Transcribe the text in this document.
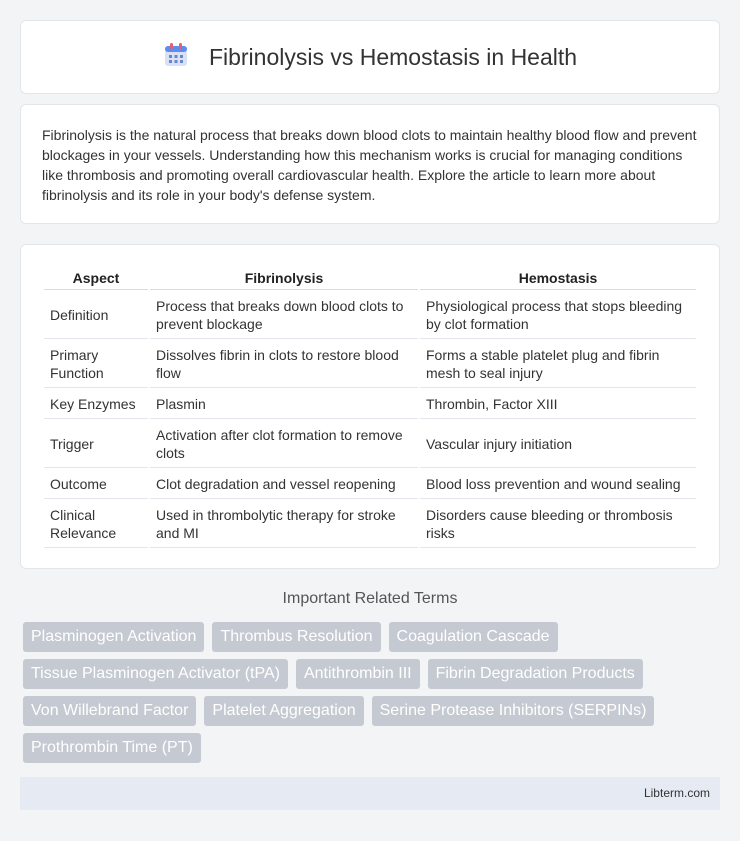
Fibrinolysis vs Hemostasis in Health

Fibrinolysis is the natural process that breaks down blood clots to maintain healthy blood flow and prevent blockages in your vessels. Understanding how this mechanism works is crucial for managing conditions like thrombosis and promoting overall cardiovascular health. Explore the article to learn more about fibrinolysis and its role in your body's defense system.

Aspect	Fibrinolysis	Hemostasis
Definition	Process that breaks down blood clots to prevent blockage	Physiological process that stops bleeding by clot formation
Primary Function	Dissolves fibrin in clots to restore blood flow	Forms a stable platelet plug and fibrin mesh to seal injury
Key Enzymes	Plasmin	Thrombin, Factor XIII
Trigger	Activation after clot formation to remove clots	Vascular injury initiation
Outcome	Clot degradation and vessel reopening	Blood loss prevention and wound sealing
Clinical Relevance	Used in thrombolytic therapy for stroke and MI	Disorders cause bleeding or thrombosis risks
Important Related Terms
Plasminogen Activation	Thrombus Resolution	Coagulation Cascade
Tissue Plasminogen Activator (tPA)	Antithrombin III	Fibrin Degradation Products
Von Willebrand Factor	Platelet Aggregation	Serine Protease Inhibitors (SERPINs)
Prothrombin Time (PT)
Libterm.com
